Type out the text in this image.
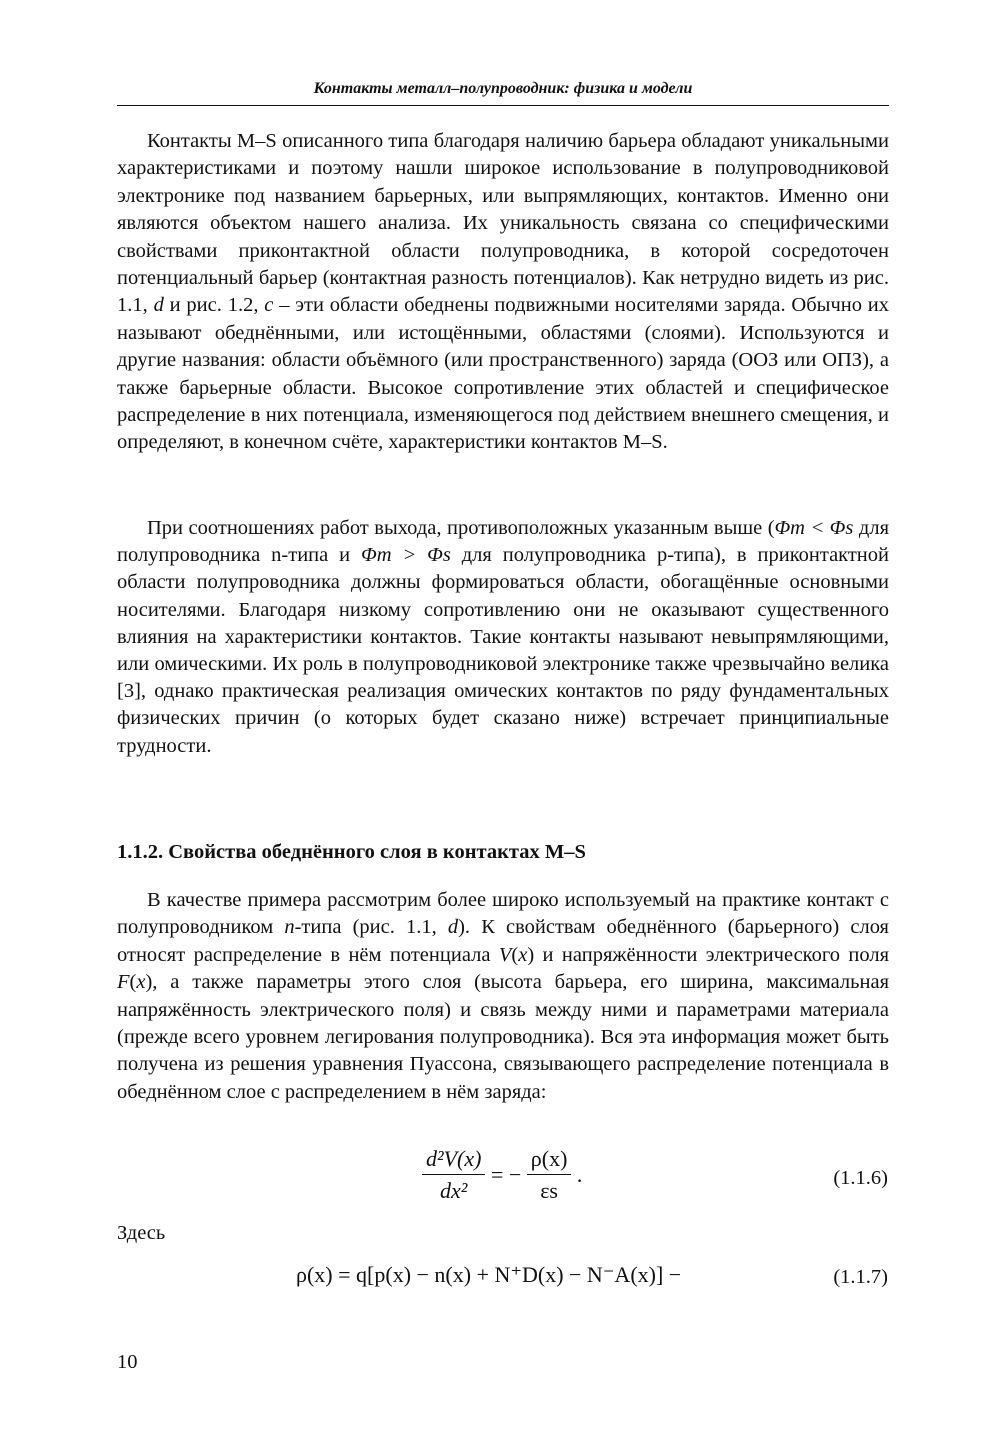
Контакты металл–полупроводник: физика и модели

Контакты M–S описанного типа благодаря наличию барьера обладают уникальными характеристиками и поэтому нашли широкое использование в полупроводниковой электронике под названием барьерных, или выпрямляющих, контактов. Именно они являются объектом нашего анализа. Их уникальность связана со специфическими свойствами приконтактной области полупроводника, в которой сосредоточен потенциальный барьер (контактная разность потенциалов). Как нетрудно видеть из рис. 1.1, d и рис. 1.2, c – эти области обеднены подвижными носителями заряда. Обычно их называют обеднёнными, или истощёнными, областями (слоями). Используются и другие названия: области объёмного (или пространственного) заряда (ООЗ или ОПЗ), а также барьерные области. Высокое сопротивление этих областей и специфическое распределение в них потенциала, изменяющегося под действием внешнего смещения, и определяют, в конечном счёте, характеристики контактов M–S.

При соотношениях работ выхода, противоположных указанным выше (Φm < Φs для полупроводника n-типа и Φm > Φs для полупроводника p-типа), в приконтактной области полупроводника должны формироваться области, обогащённые основными носителями. Благодаря низкому сопротивлению они не оказывают существенного влияния на характеристики контактов. Такие контакты называют невыпрямляющими, или омическими. Их роль в полупроводниковой электронике также чрезвычайно велика [3], однако практическая реализация омических контактов по ряду фундаментальных физических причин (о которых будет сказано ниже) встречает принципиальные трудности.

1.1.2. Свойства обеднённого слоя в контактах M–S

В качестве примера рассмотрим более широко используемый на практике контакт с полупроводником n-типа (рис. 1.1, d). К свойствам обеднённого (барьерного) слоя относят распределение в нём потенциала V(x) и напряжённости электрического поля F(x), а также параметры этого слоя (высота барьера, его ширина, максимальная напряжённость электрического поля) и связь между ними и параметрами материала (прежде всего уровнем легирования полупроводника). Вся эта информация может быть получена из решения уравнения Пуассона, связывающего распределение потенциала в обеднённом слое с распределением в нём заряда:

$\frac{\text{d²V(x)}}{\text{dx²}}$ = − $\frac{\rho(x)}{\varepsilon s}$ .	(1.1.6)
Здесь
ρ(x) = q[p(x) − n(x) + N⁺D(x) − N⁻A(x)] −	(1.1.7)
10
